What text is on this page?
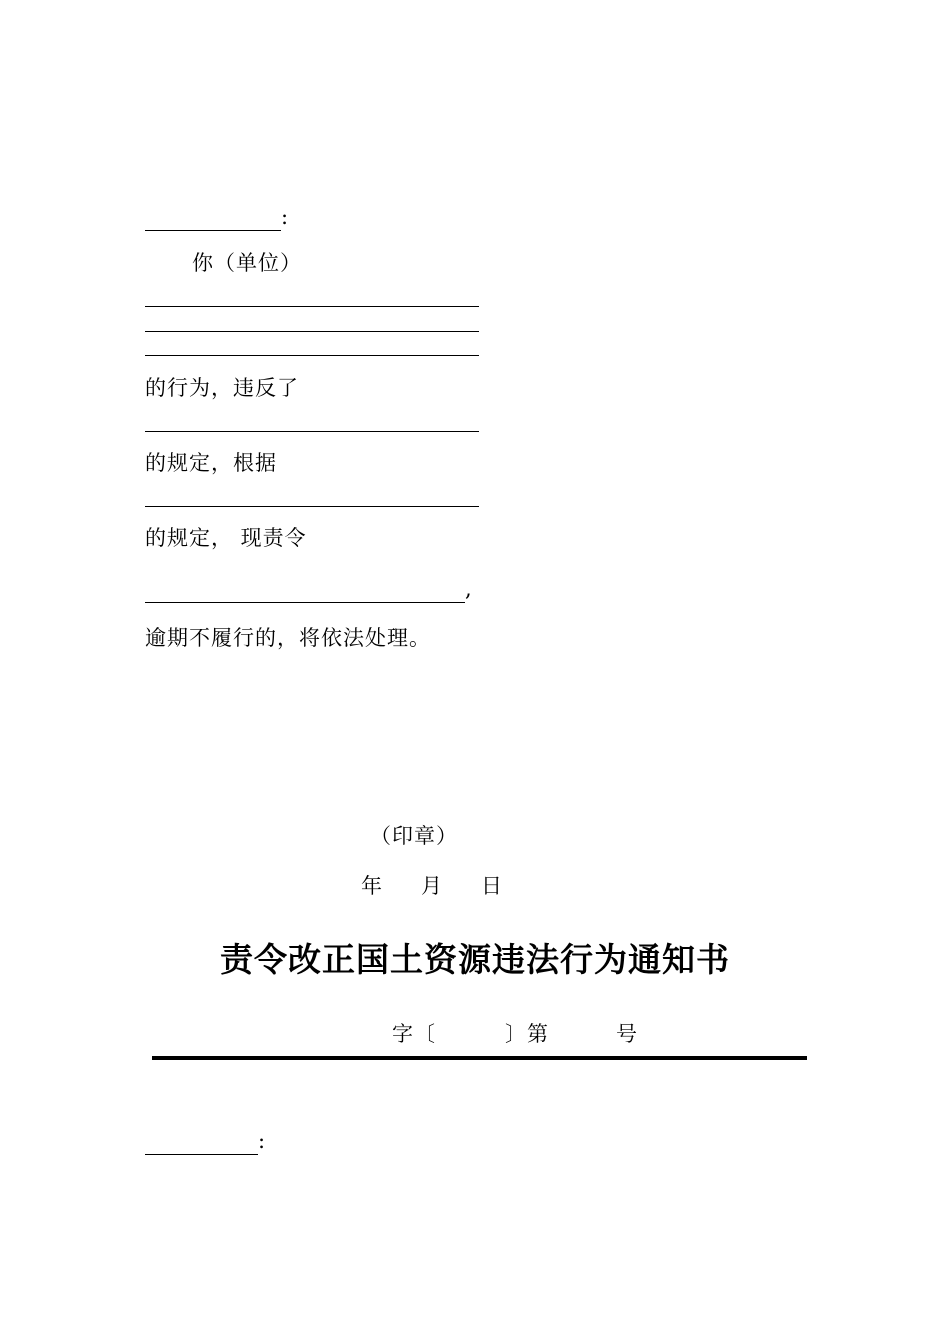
:
你（单位）
的行为，违反了
的规定，根据
的规定， 现责令
,
逾期不履行的，将依法处理。
（印章）
年 月 日
责令改正国土资源违法行为通知书
字〔	〕第	号
:
